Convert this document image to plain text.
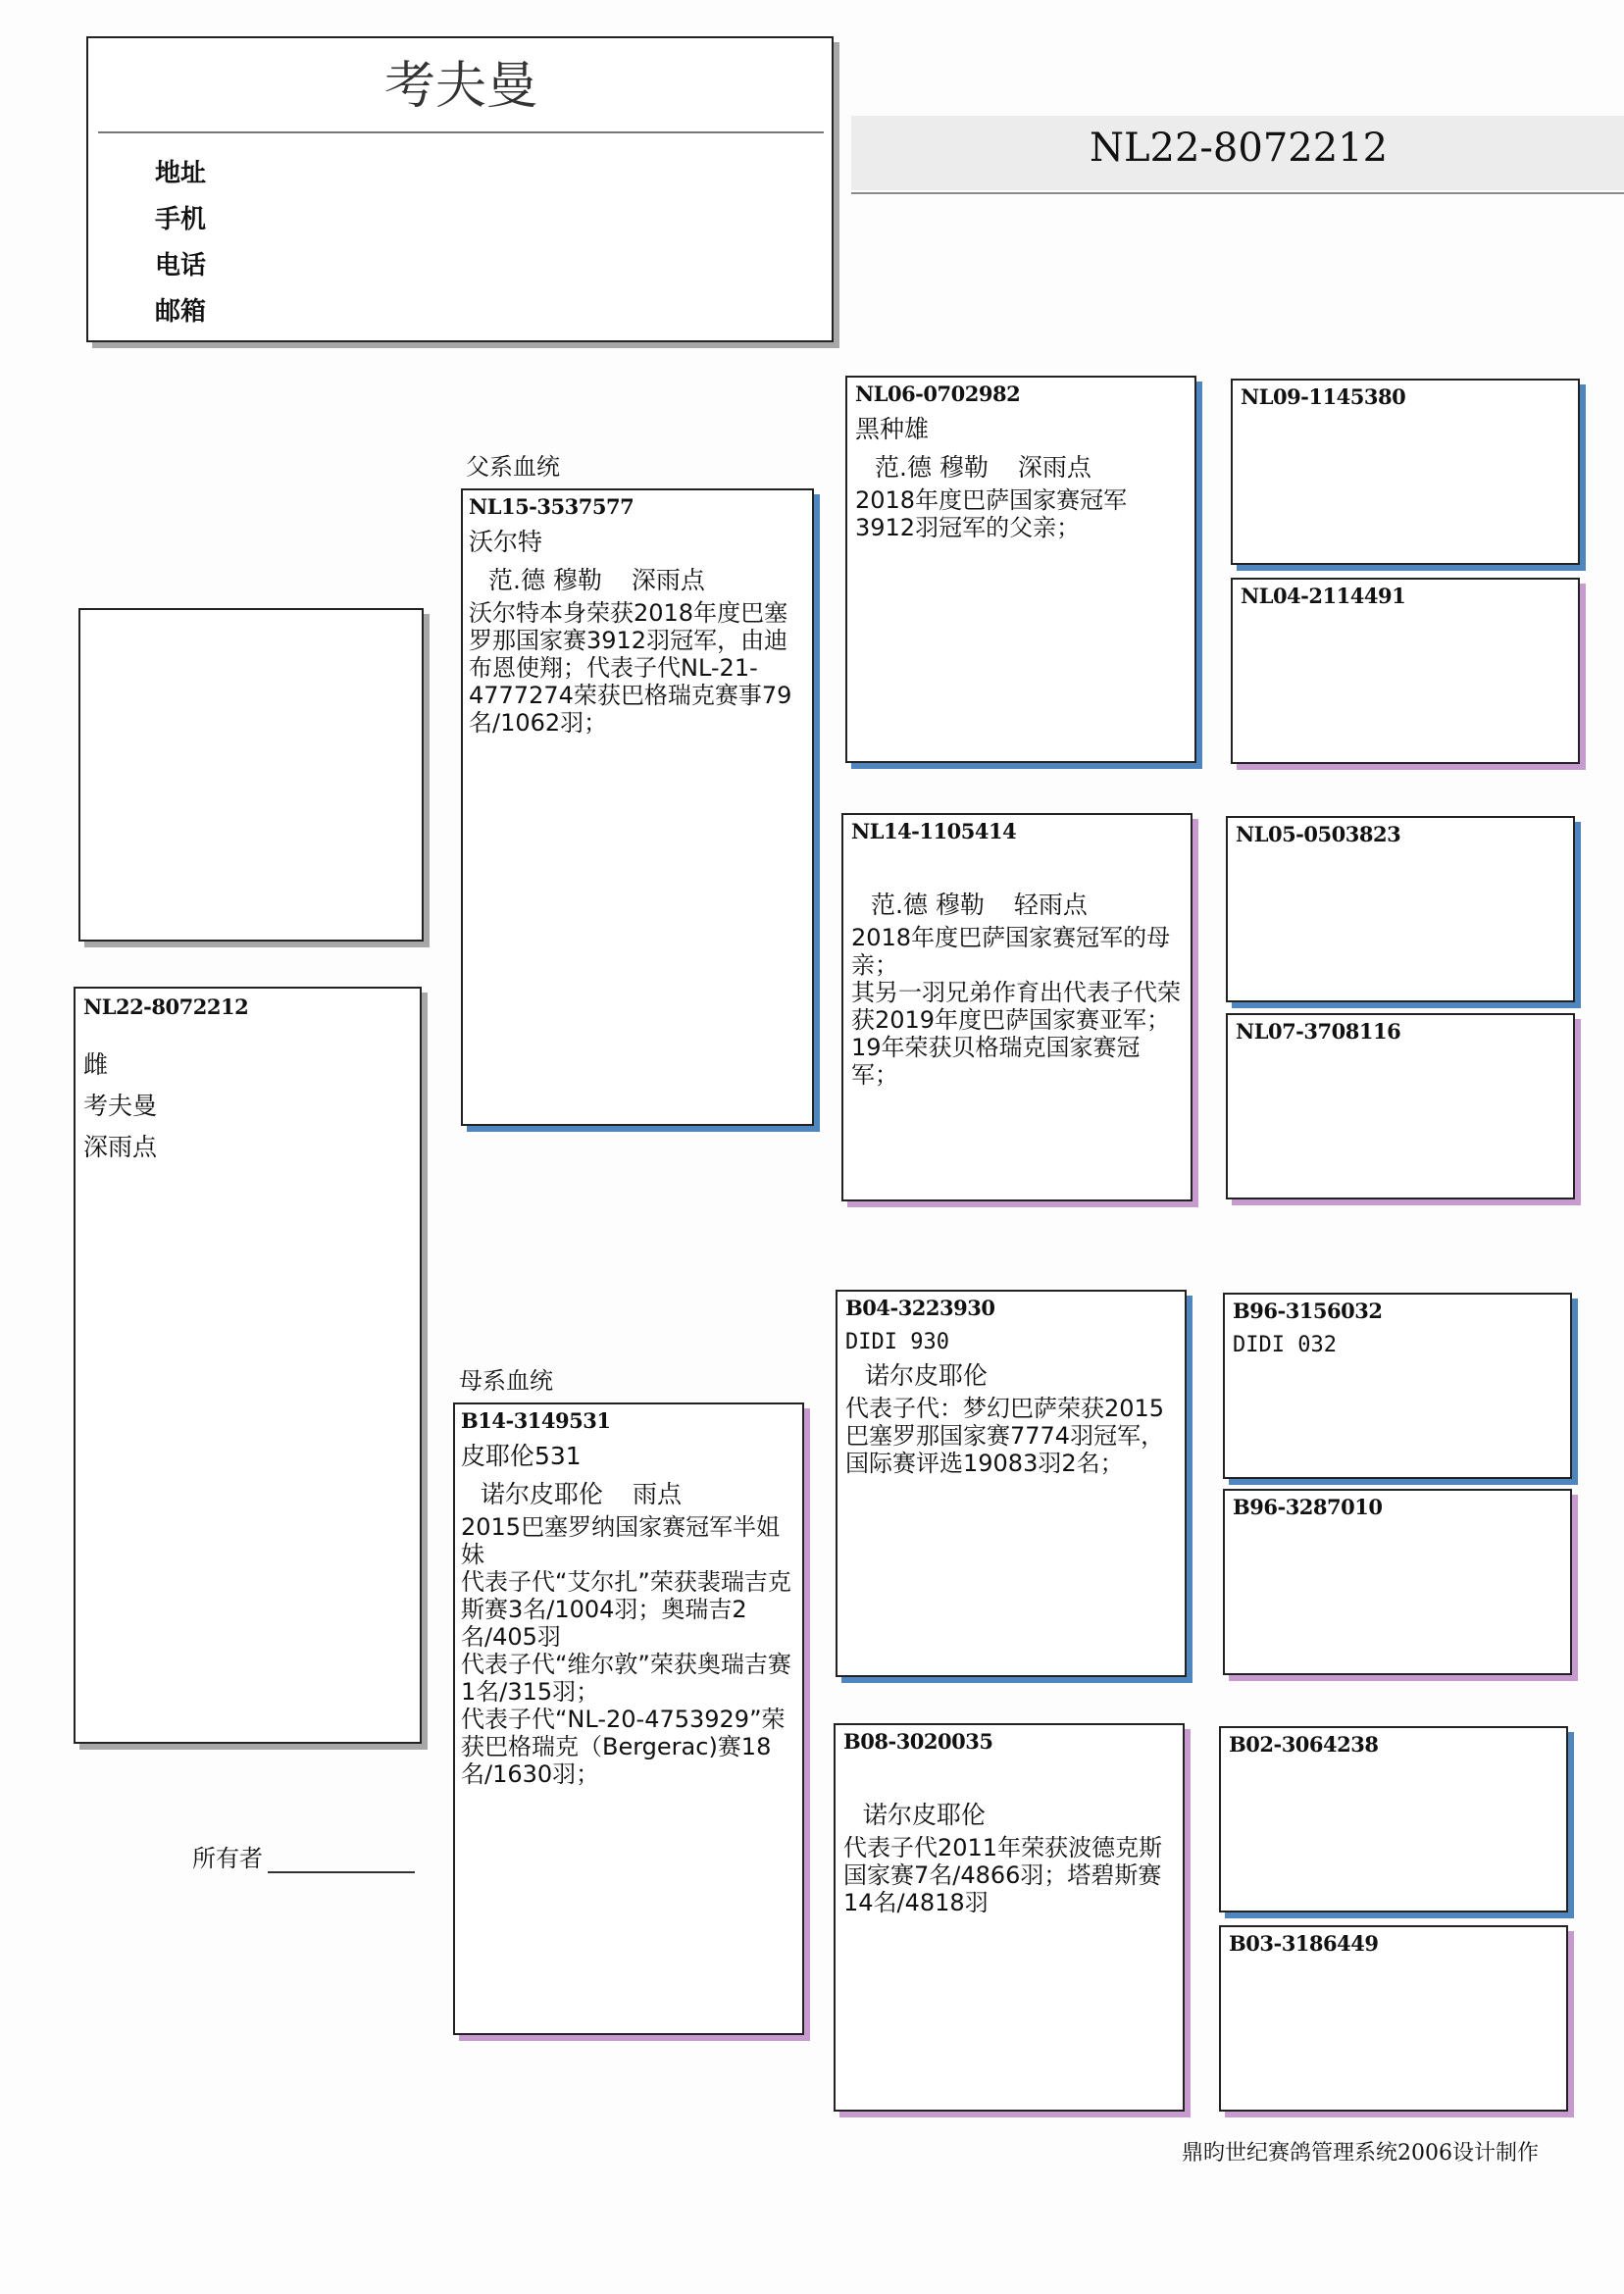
考夫曼
地址
手机
电话
邮箱
NL22-8072212
NL22-8072212
雌
考夫曼
深雨点
所有者
父系血统
NL15-3537577
沃尔特
范.德 穆勒 深雨点
沃尔特本身荣获2018年度巴塞罗那国家赛3912羽冠军，由迪布恩使翔；代表子代NL-21-4777274荣获巴格瑞克赛事79名/1062羽；
母系血统
B14-3149531
皮耶伦531
诺尔皮耶伦 雨点
2015巴塞罗纳国家赛冠军半姐妹
代表子代“艾尔扎”荣获裴瑞吉克斯赛3名/1004羽；奥瑞吉2名/405羽
代表子代“维尔敦”荣获奥瑞吉赛1名/315羽；
代表子代“NL-20-4753929”荣获巴格瑞克（Bergerac)赛18名/1630羽；
NL06-0702982
黑种雄
范.德 穆勒 深雨点
2018年度巴萨国家赛冠军3912羽冠军的父亲；
NL14-1105414
范.德 穆勒 轻雨点
2018年度巴萨国家赛冠军的母亲；
其另一羽兄弟作育出代表子代荣获2019年度巴萨国家赛亚军；19年荣获贝格瑞克国家赛冠军；
B04-3223930
DIDI 930
诺尔皮耶伦
代表子代：梦幻巴萨荣获2015巴塞罗那国家赛7774羽冠军，国际赛评选19083羽2名；
B08-3020035
诺尔皮耶伦
代表子代2011年荣获波德克斯国家赛7名/4866羽；塔碧斯赛14名/4818羽
NL09-1145380
NL04-2114491
NL05-0503823
NL07-3708116
B96-3156032
DIDI 032
B96-3287010
B02-3064238
B03-3186449
鼎昀世纪赛鸽管理系统2006设计制作
